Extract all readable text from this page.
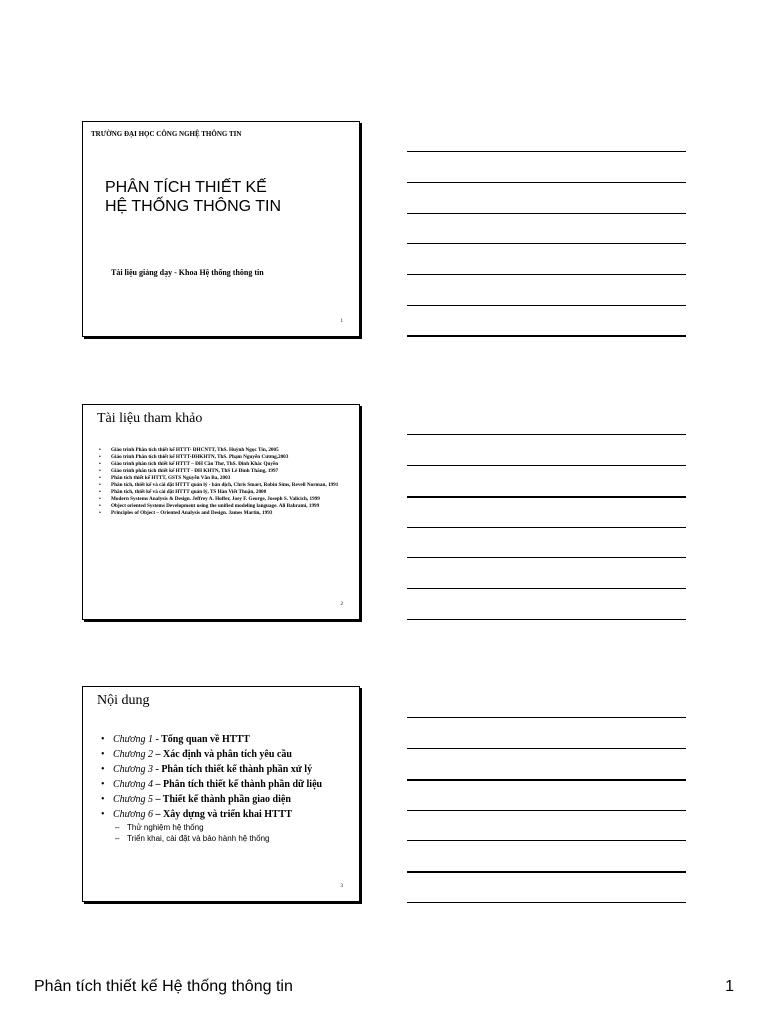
TRƯỜNG ĐẠI HỌC CÔNG NGHỆ THÔNG TIN
PHÂN TÍCH THIẾT KẾ
HỆ THỐNG THÔNG TIN
Tài liệu giảng dạy - Khoa Hệ thống thông tin
1
Tài liệu tham khảo
• Giáo trình Phân tích thiết kế HTTT- ĐHCNTT, ThS. Huỳnh Ngọc Tín, 2005
• Giáo trình Phân tích thiết kế HTTT-ĐHKHTN, ThS. Phạm Nguyễn Cương,2003
• Giáo trình phân tích thiết kế HTTT – ĐH Cần Thơ, ThS. Đinh Khắc Quyền
• Giáo trình phân tích thiết kế HTTT - ĐH KHTN, ThS Lê Đình Thắng, 1997
• Phân tích thiết kế HTTT, GSTS Nguyễn Văn Ba, 2003
• Phân tích, thiết kế và cài đặt HTTT quản lý - bản dịch, Chris Smart, Robin Sims, Revell Norman, 1991
• Phân tích, thiết kế và cài đặt HTTT quản lý, TS Hàn Viết Thuận, 2000
• Modern Systems Analysis & Design. Jeffrey A. Hoffer, Joey F. George, Joseph S. Valicich, 1999
• Object oriented Systems Development using the unified modeling language. Ali Bahrami, 1999
• Principles of Object – Oriented Analysis and Design. James Martin, 1993
2
Nội dung
• Chương 1 - Tổng quan về HTTT
• Chương 2 – Xác định và phân tích yêu cầu
• Chương 3 - Phân tích thiết kế thành phần xử lý
• Chương 4 – Phân tích thiết kế thành phần dữ liệu
• Chương 5 – Thiết kế thành phần giao diện
• Chương 6 – Xây dựng và triển khai HTTT
– Thử nghiệm hệ thống
– Triển khai, cài đặt và bảo hành hệ thống
3
Phân tích thiết kế Hệ thống thông tin	1
